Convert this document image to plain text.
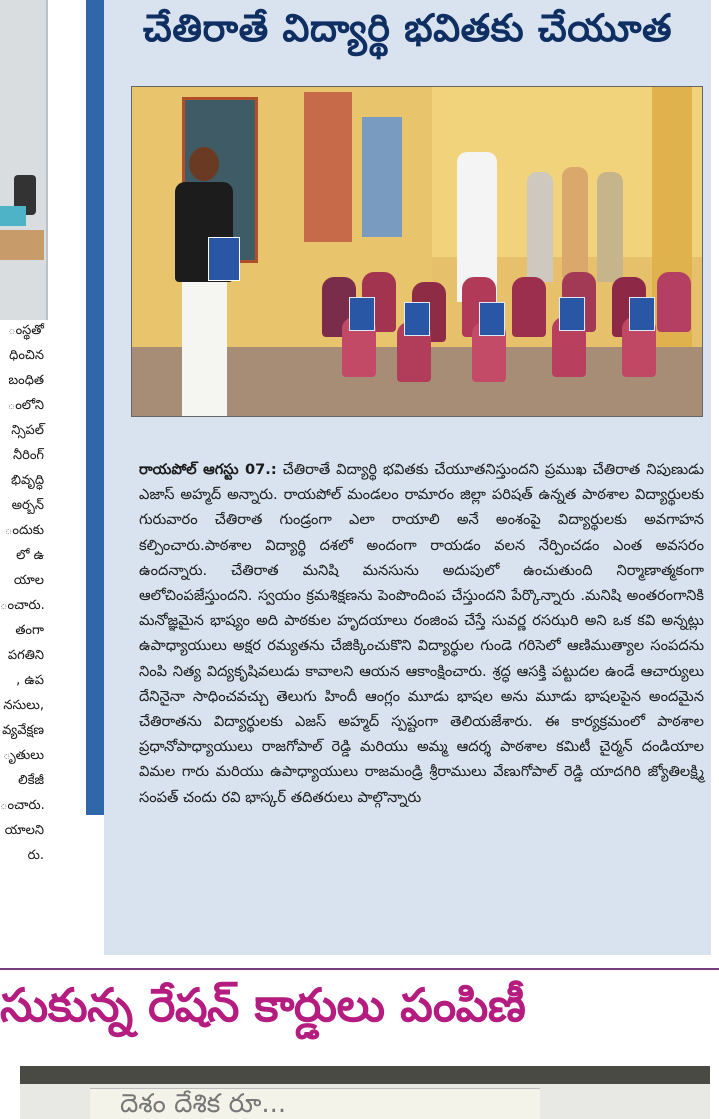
ంస్థతో
ధించిన
బంధిత
ంలోని
న్సిపల్
నీరింగ్
భివృద్ధి
అర్బన్
ందుకు
లో ఉ
యాల
ంచారు.
తంగా
పగతిని
, ఉప
నసులు,
వ్యవేక్షణ
ృతులు
లికేజీ
ంచారు.
యాలని
రు.
చేతిరాతే విద్యార్థి భవితకు చేయూత
రాయపోల్ ఆగస్టు 07.: చేతిరాతే విద్యార్థి భవితకు చేయూతనిస్తుందని ప్రముఖ చేతిరాత నిపుణుడు ఎజాస్ అహ్మద్ అన్నారు. రాయపోల్ మండలం రామారం జిల్లా పరిషత్ ఉన్నత పాఠశాల విద్యార్థులకు గురువారం చేతిరాత గుండ్రంగా ఎలా రాయాలి అనే అంశంపై విద్యార్థులకు అవగాహన కల్పించారు.పాఠశాల విద్యార్థి దశలో అందంగా రాయడం వలన నేర్పించడం ఎంత అవసరం ఉందన్నారు. చేతిరాత మనిషి మనసును అదుపులో ఉంచుతుంది నిర్మాణాత్మకంగా ఆలోచింపజేస్తుందని. స్వయం క్రమశిక్షణను పెంపొందింప చేస్తుందని పేర్కొన్నారు .మనిషి అంతరంగానికి మనోజ్ఞమైన భాష్యం అది పాఠకుల హృదయాలు రంజింప చేస్తే సువర్ణ రసఝరి అని ఒక కవి అన్నట్లు ఉపాధ్యాయులు అక్షర రమ్యతను చేజిక్కించుకొని విద్యార్థుల గుండె గరిసెలో ఆణిముత్యాల సంపదను నింపి నిత్య విద్యకృషివలుడు కావాలని ఆయన ఆకాంక్షించారు. శ్రద్ధ ఆసక్తి పట్టుదల ఉండే ఆచార్యులు దేనినైనా సాధించవచ్చు తెలుగు హిందీ ఆంగ్లం మూడు భాషల అను మూడు భాషలపైన అందమైన చేతిరాతను విద్యార్థులకు ఎజస్ అహ్మద్ స్పష్టంగా తెలియజేశారు. ఈ కార్యక్రమంలో పాఠశాల ప్రధానోపాధ్యాయులు రాజగోపాల్ రెడ్డి మరియు అమ్మ ఆదర్శ పాఠశాల కమిటీ చైర్మన్ దండియాల విమల గారు మరియు ఉపాధ్యాయులు రాజమండ్రి శ్రీరాములు వేణుగోపాల్ రెడ్డి యాదగిరి జ్యోతిలక్ష్మి సంపత్ చందు రవి భాస్కర్ తదితరులు పాల్గొన్నారు
సుకున్న రేషన్ కార్డులు పంపిణీ
దెశం దేశిక రూ...
